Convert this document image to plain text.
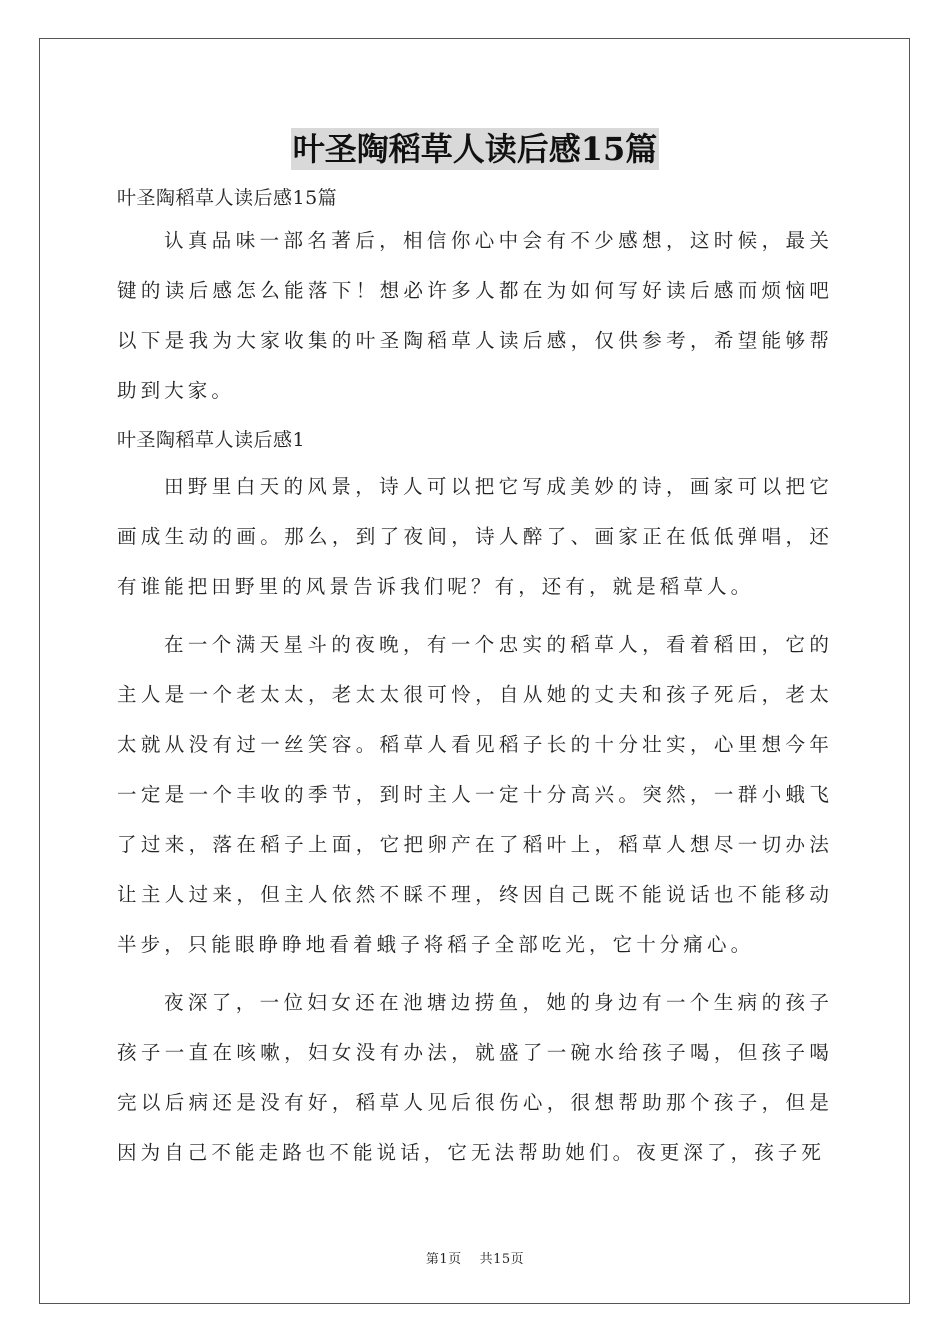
叶圣陶稻草人读后感15篇

叶圣陶稻草人读后感15篇

认真品味一部名著后，相信你心中会有不少感想，这时候，最关键的读后感怎么能落下！想必许多人都在为如何写好读后感而烦恼吧以下是我为大家收集的叶圣陶稻草人读后感，仅供参考，希望能够帮助到大家。

叶圣陶稻草人读后感1

田野里白天的风景，诗人可以把它写成美妙的诗，画家可以把它画成生动的画。那么，到了夜间，诗人醉了、画家正在低低弹唱，还有谁能把田野里的风景告诉我们呢？有，还有，就是稻草人。

在一个满天星斗的夜晚，有一个忠实的稻草人，看着稻田，它的主人是一个老太太，老太太很可怜，自从她的丈夫和孩子死后，老太太就从没有过一丝笑容。稻草人看见稻子长的十分壮实，心里想今年一定是一个丰收的季节，到时主人一定十分高兴。突然，一群小蛾飞了过来，落在稻子上面，它把卵产在了稻叶上，稻草人想尽一切办法让主人过来，但主人依然不睬不理，终因自己既不能说话也不能移动半步，只能眼睁睁地看着蛾子将稻子全部吃光，它十分痛心。

夜深了，一位妇女还在池塘边捞鱼，她的身边有一个生病的孩子孩子一直在咳嗽，妇女没有办法，就盛了一碗水给孩子喝，但孩子喝完以后病还是没有好，稻草人见后很伤心，很想帮助那个孩子，但是因为自己不能走路也不能说话，它无法帮助她们。夜更深了，孩子死

第1页 共15页
